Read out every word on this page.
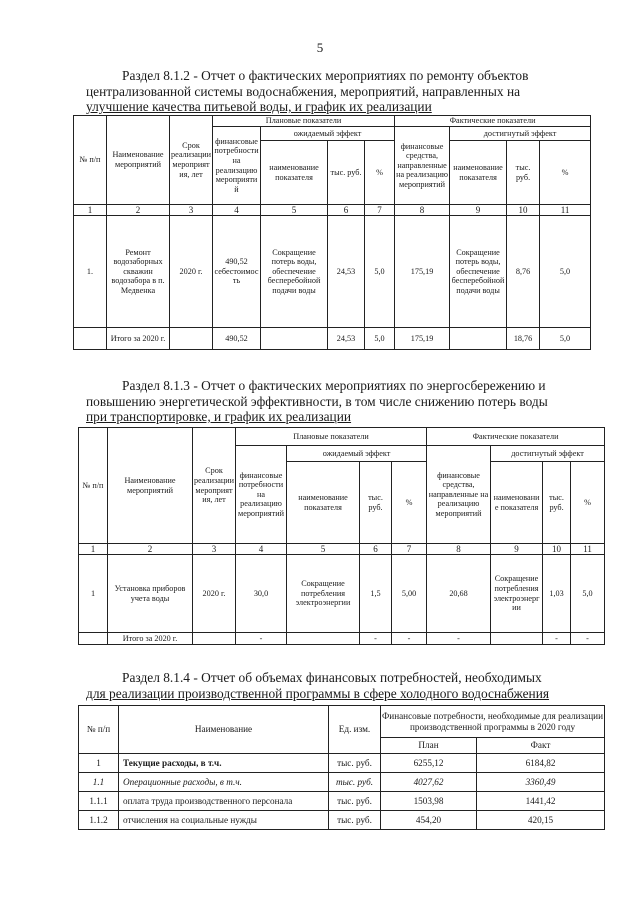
5

Раздел 8.1.2 - Отчет о фактических мероприятиях по ремонту объектов

централизованной системы водоснабжения, мероприятий, направленных на

улучшение качества питьевой воды, и график их реализации

№ п/п	Наименование мероприятий	Срок реализации мероприятия, лет	Плановые показатели				Фактические показатели			
			финансовые потребности на реализацию мероприятий	ожидаемый эффект			финансовые средства, направленные на реализацию мероприятий	достигнутый эффект		
				наименование показателя	тыс. руб.	%		наименование показателя	тыс. руб.	%
1	2	3	4	5	6	7	8	9	10	11
1.	Ремонт водозаборных скважин водозабора в п. Медвенка	2020 г.	490,52 себестоимость	Сокращение потерь воды, обеспечение бесперебойной подачи воды	24,53	5,0	175,19	Сокращение потерь воды, обеспечение бесперебойной подачи воды	8,76	5,0
	Итого за 2020 г.		490,52		24,53	5,0	175,19		18,76	5,0

Раздел 8.1.3 - Отчет о фактических мероприятиях по энергосбережению и

повышению энергетической эффективности, в том числе снижению потерь воды

при транспортировке, и график их реализации

№ п/п	Наименование мероприятий	Срок реализации мероприятия, лет	Плановые показатели				Фактические показатели			
			финансовые потребности на реализацию мероприятий	ожидаемый эффект			финансовые средства, направленные на реализацию мероприятий	достигнутый эффект		
				наименование показателя	тыс. руб.	%		наименование показателя	тыс. руб.	%
1	2	3	4	5	6	7	8	9	10	11
1	Установка приборов учета воды	2020 г.	30,0	Сокращение потребления электроэнергии	1,5	5,00	20,68	Сокращение потребления электроэнергии	1,03	5,0
	Итого за 2020 г.		-		-	-	-		-	-

Раздел 8.1.4 - Отчет об объемах финансовых потребностей, необходимых

для реализации производственной программы в сфере холодного водоснабжения

№ п/п	Наименование	Ед. изм.	Финансовые потребности, необходимые для реализации производственной программы в 2020 году	
			План	Факт
1	Текущие расходы, в т.ч.	тыс. руб.	6255,12	6184,82
1.1	Операционные расходы, в т.ч.	тыс. руб.	4027,62	3360,49
1.1.1	оплата труда производственного персонала	тыс. руб.	1503,98	1441,42
1.1.2	отчисления на социальные нужды	тыс. руб.	454,20	420,15
